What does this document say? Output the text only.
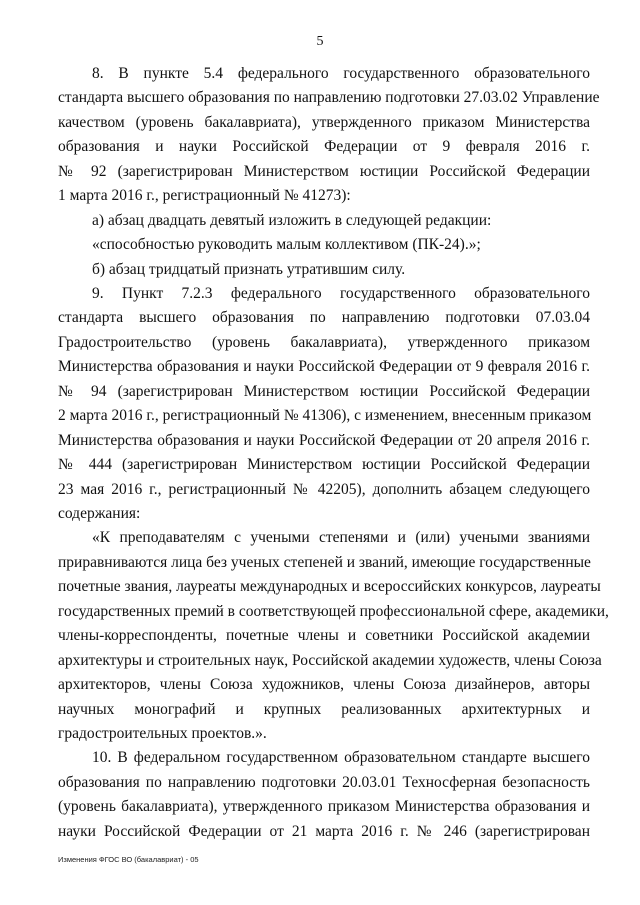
5
8. В пункте 5.4 федерального государственного образовательного
стандарта высшего образования по направлению подготовки 27.03.02 Управление
качеством (уровень бакалавриата), утвержденного приказом Министерства
образования и науки Российской Федерации от 9 февраля 2016 г.
№ 92 (зарегистрирован Министерством юстиции Российской Федерации
1 марта 2016 г., регистрационный № 41273):
а) абзац двадцать девятый изложить в следующей редакции:
«способностью руководить малым коллективом (ПК-24).»;
б) абзац тридцатый признать утратившим силу.
9. Пункт 7.2.3 федерального государственного образовательного
стандарта высшего образования по направлению подготовки 07.03.04
Градостроительство (уровень бакалавриата), утвержденного приказом
Министерства образования и науки Российской Федерации от 9 февраля 2016 г.
№ 94 (зарегистрирован Министерством юстиции Российской Федерации
2 марта 2016 г., регистрационный № 41306), с изменением, внесенным приказом
Министерства образования и науки Российской Федерации от 20 апреля 2016 г.
№ 444 (зарегистрирован Министерством юстиции Российской Федерации
23 мая 2016 г., регистрационный № 42205), дополнить абзацем следующего
содержания:
«К преподавателям с учеными степенями и (или) учеными званиями
приравниваются лица без ученых степеней и званий, имеющие государственные
почетные звания, лауреаты международных и всероссийских конкурсов, лауреаты
государственных премий в соответствующей профессиональной сфере, академики,
члены-корреспонденты, почетные члены и советники Российской академии
архитектуры и строительных наук, Российской академии художеств, члены Союза
архитекторов, члены Союза художников, члены Союза дизайнеров, авторы
научных монографий и крупных реализованных архитектурных и
градостроительных проектов.».
10. В федеральном государственном образовательном стандарте высшего
образования по направлению подготовки 20.03.01 Техносферная безопасность
(уровень бакалавриата), утвержденного приказом Министерства образования и
науки Российской Федерации от 21 марта 2016 г. № 246 (зарегистрирован
Изменения ФГОС ВО (бакалавриат) - 05
